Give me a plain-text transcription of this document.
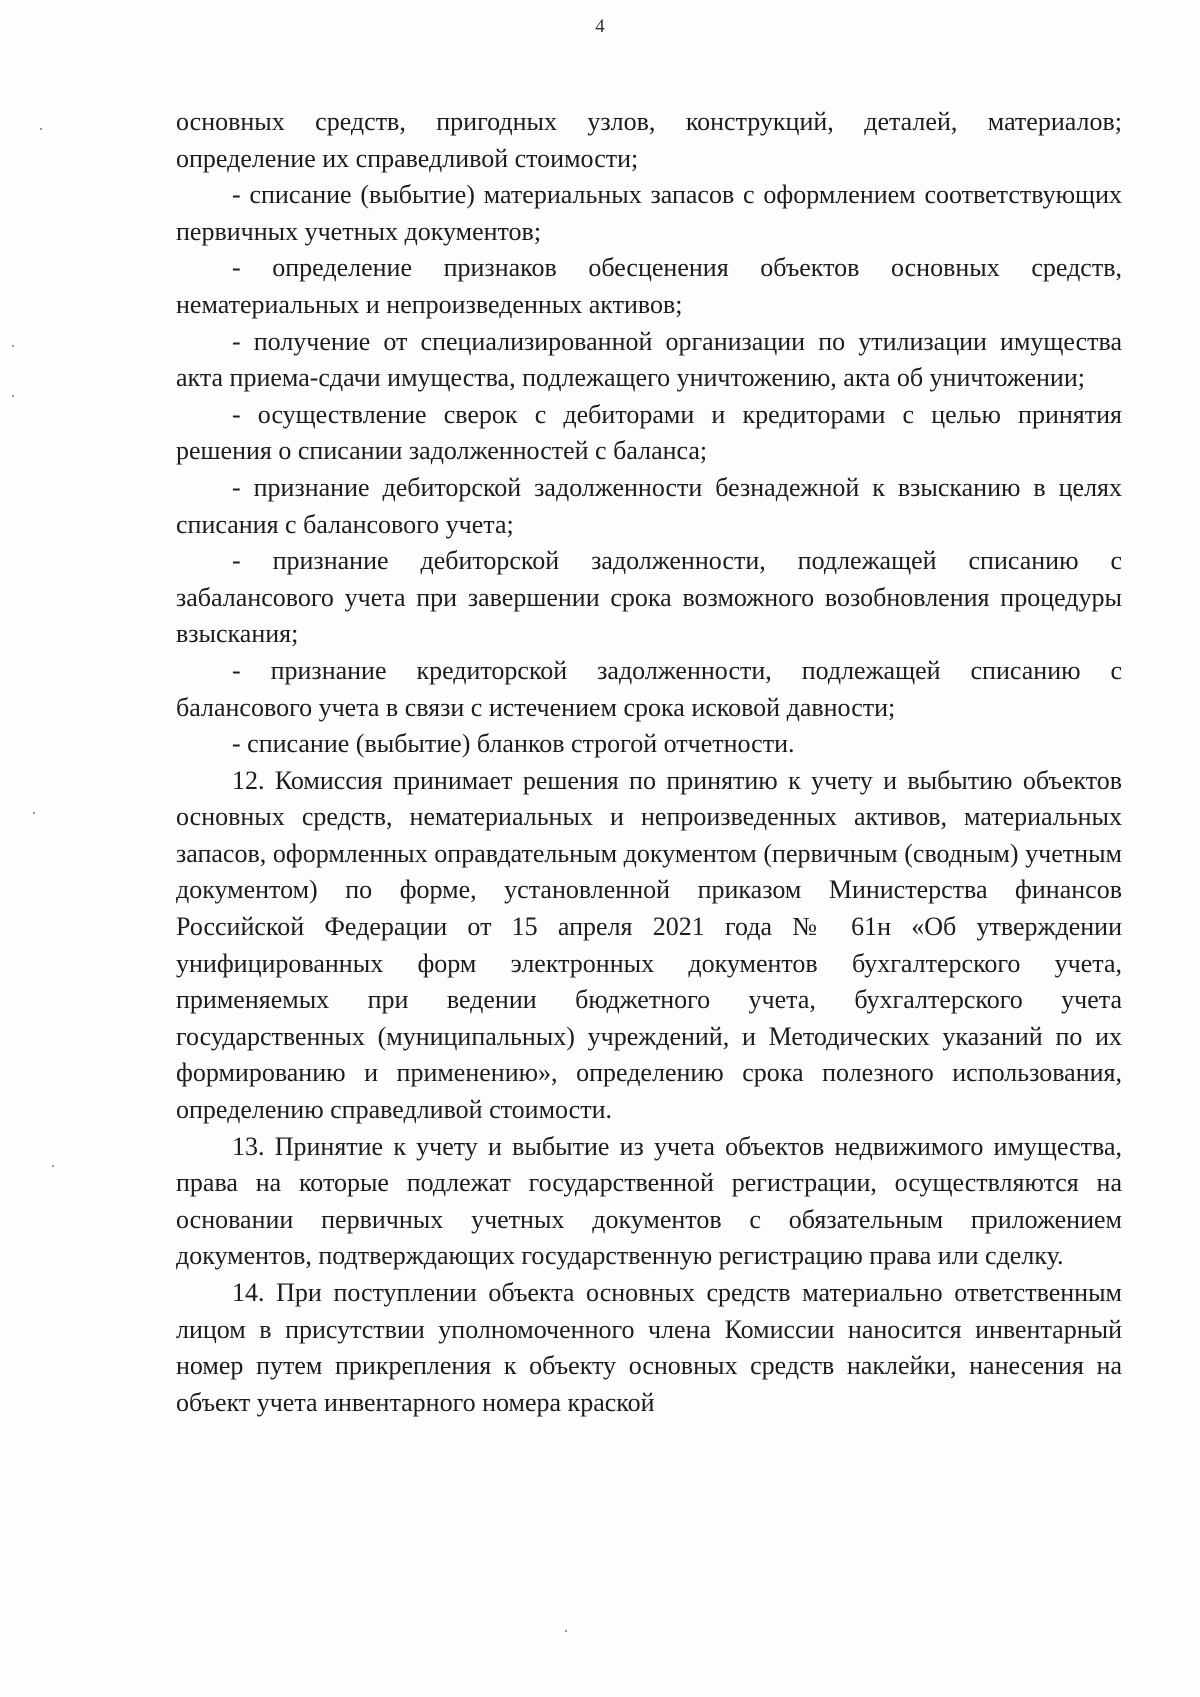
4

основных средств, пригодных узлов, конструкций, деталей, материалов; определение их справедливой стоимости;

- списание (выбытие) материальных запасов с оформлением соответствующих первичных учетных документов;

- определение признаков обесценения объектов основных средств, нематериальных и непроизведенных активов;

- получение от специализированной организации по утилизации имущества акта приема-сдачи имущества, подлежащего уничтожению, акта об уничтожении;

- осуществление сверок с дебиторами и кредиторами с целью принятия решения о списании задолженностей с баланса;

- признание дебиторской задолженности безнадежной к взысканию в целях списания с балансового учета;

- признание дебиторской задолженности, подлежащей списанию с забалансового учета при завершении срока возможного возобновления процедуры взыскания;

- признание кредиторской задолженности, подлежащей списанию с балансового учета в связи с истечением срока исковой давности;

- списание (выбытие) бланков строгой отчетности.

12. Комиссия принимает решения по принятию к учету и выбытию объектов основных средств, нематериальных и непроизведенных активов, материальных запасов, оформленных оправдательным документом (первичным (сводным) учетным документом) по форме, установленной приказом Министерства финансов Российской Федерации от 15 апреля 2021 года № 61н «Об утверждении унифицированных форм электронных документов бухгалтерского учета, применяемых при ведении бюджетного учета, бухгалтерского учета государственных (муниципальных) учреждений, и Методических указаний по их формированию и применению», определению срока полезного использования, определению справедливой стоимости.

13. Принятие к учету и выбытие из учета объектов недвижимого имущества, права на которые подлежат государственной регистрации, осуществляются на основании первичных учетных документов с обязательным приложением документов, подтверждающих государственную регистрацию права или сделку.

14. При поступлении объекта основных средств материально ответственным лицом в присутствии уполномоченного члена Комиссии наносится инвентарный номер путем прикрепления к объекту основных средств наклейки, нанесения на объект учета инвентарного номера краской
